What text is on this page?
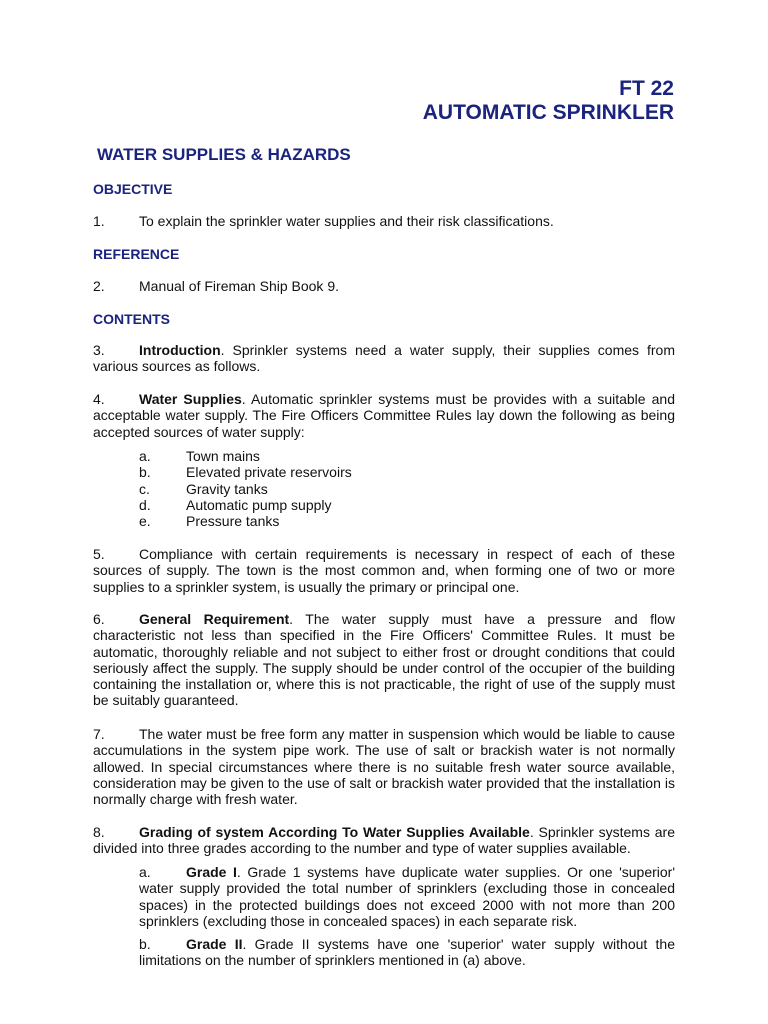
FT 22
AUTOMATIC SPRINKLER
WATER SUPPLIES & HAZARDS
OBJECTIVE
1. To explain the sprinkler water supplies and their risk classifications.
REFERENCE
2. Manual of Fireman Ship Book 9.
CONTENTS
3. Introduction. Sprinkler systems need a water supply, their supplies comes from various sources as follows.
4. Water Supplies. Automatic sprinkler systems must be provides with a suitable and acceptable water supply. The Fire Officers Committee Rules lay down the following as being accepted sources of water supply:
a.	Town mains
b.	Elevated private reservoirs
c.	Gravity tanks
d.	Automatic pump supply
e.	Pressure tanks
5. Compliance with certain requirements is necessary in respect of each of these sources of supply. The town is the most common and, when forming one of two or more supplies to a sprinkler system, is usually the primary or principal one.
6. General Requirement. The water supply must have a pressure and flow characteristic not less than specified in the Fire Officers' Committee Rules. It must be automatic, thoroughly reliable and not subject to either frost or drought conditions that could seriously affect the supply. The supply should be under control of the occupier of the building containing the installation or, where this is not practicable, the right of use of the supply must be suitably guaranteed.
7. The water must be free form any matter in suspension which would be liable to cause accumulations in the system pipe work. The use of salt or brackish water is not normally allowed. In special circumstances where there is no suitable fresh water source available, consideration may be given to the use of salt or brackish water provided that the installation is normally charge with fresh water.
8. Grading of system According To Water Supplies Available. Sprinkler systems are divided into three grades according to the number and type of water supplies available.
a.	Grade I. Grade 1 systems have duplicate water supplies. Or one 'superior' water supply provided the total number of sprinklers (excluding those in concealed spaces) in the protected buildings does not exceed 2000 with not more than 200 sprinklers (excluding those in concealed spaces) in each separate risk.
b.	Grade II. Grade II systems have one 'superior' water supply without the limitations on the number of sprinklers mentioned in (a) above.
